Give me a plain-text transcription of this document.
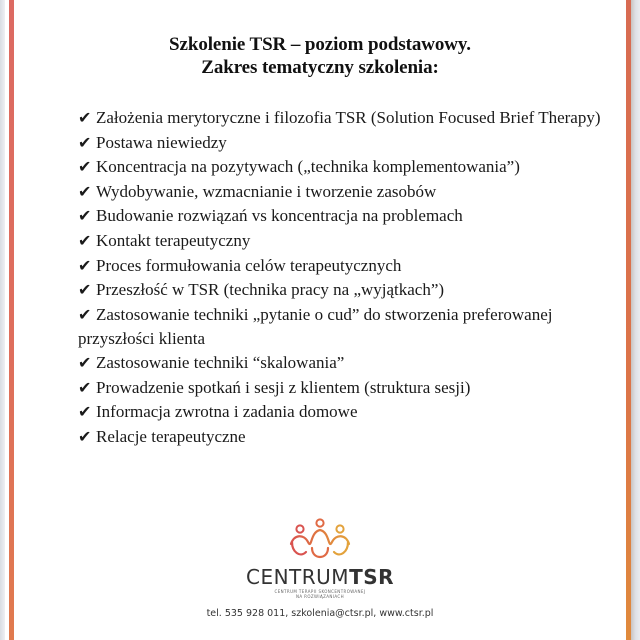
Szkolenie TSR – poziom podstawowy.
Zakres tematyczny szkolenia:
✔ Założenia merytoryczne i filozofia TSR (Solution Focused Brief Therapy)
✔ Postawa niewiedzy
✔ Koncentracja na pozytywach („technika komplementowania”)
✔ Wydobywanie, wzmacnianie i tworzenie zasobów
✔ Budowanie rozwiązań vs koncentracja na problemach
✔ Kontakt terapeutyczny
✔ Proces formułowania celów terapeutycznych
✔ Przeszłość w TSR (technika pracy na „wyjątkach”)
✔ Zastosowanie techniki „pytanie o cud” do stworzenia preferowanej przyszłości klienta
✔ Zastosowanie techniki “skalowania”
✔ Prowadzenie spotkań i sesji z klientem (struktura sesji)
✔ Informacja zwrotna i zadania domowe
✔ Relacje terapeutyczne
CENTRUMTSR
CENTRUM TERAPII SKONCENTROWANEJ
NA ROZWIĄZANIACH
tel. 535 928 011, szkolenia@ctsr.pl, www.ctsr.pl
